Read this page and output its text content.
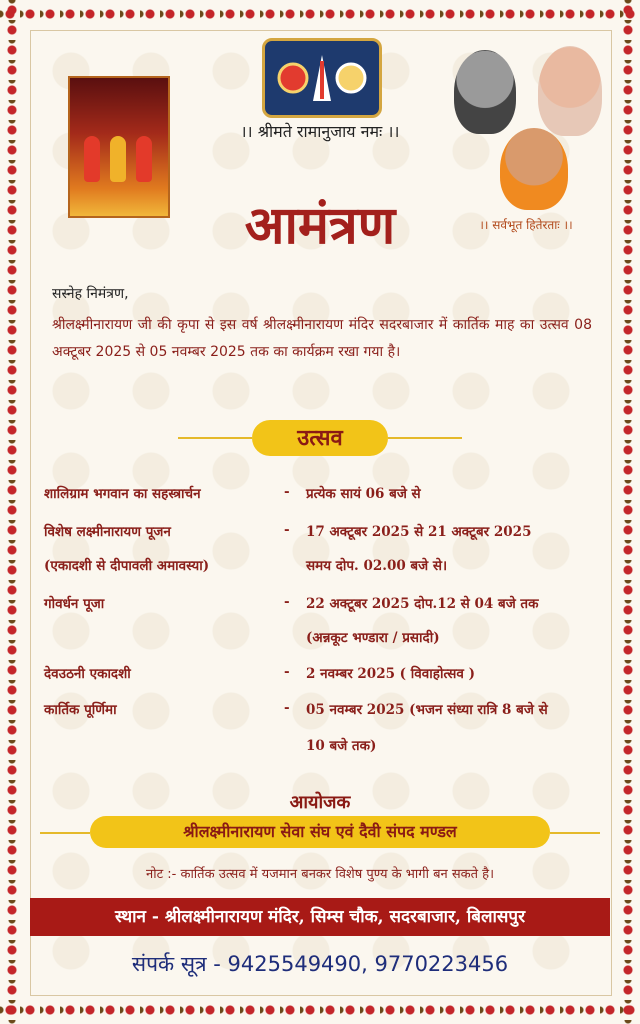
।। श्रीमते रामानुजाय नमः ।।
।। सर्वभूत हितेरताः ।।
आमंत्रण
सस्नेह निमंत्रण,
श्रीलक्ष्मीनारायण जी की कृपा से इस वर्ष श्रीलक्ष्मीनारायण मंदिर सदरबाजार में कार्तिक माह का उत्सव 08 अक्टूबर 2025 से 05 नवम्बर 2025 तक का कार्यक्रम रखा गया है।
उत्सव
शालिग्राम भगवान का सहस्त्रार्चन	- प्रत्येक सायं 06 बजे से
विशेष लक्ष्मीनारायण पूजन	- 17 अक्टूबर 2025 से 21 अक्टूबर 2025
(एकादशी से दीपावली अमावस्या)	समय दोप. 02.00 बजे से।
गोवर्धन पूजा	- 22 अक्टूबर 2025 दोप.12 से 04 बजे तक
(अन्नकूट भण्डारा / प्रसादी)
देवउठनी एकादशी	- 2 नवम्बर 2025 ( विवाहोत्सव )
कार्तिक पूर्णिमा	- 05 नवम्बर 2025 (भजन संध्या रात्रि 8 बजे से
10 बजे तक)
आयोजक
श्रीलक्ष्मीनारायण सेवा संघ एवं दैवी संपद मण्डल
नोट :- कार्तिक उत्सव में यजमान बनकर विशेष पुण्य के भागी बन सकते है।
स्थान - श्रीलक्ष्मीनारायण मंदिर, सिम्स चौक, सदरबाजार, बिलासपुर
संपर्क सूत्र - 9425549490, 9770223456
